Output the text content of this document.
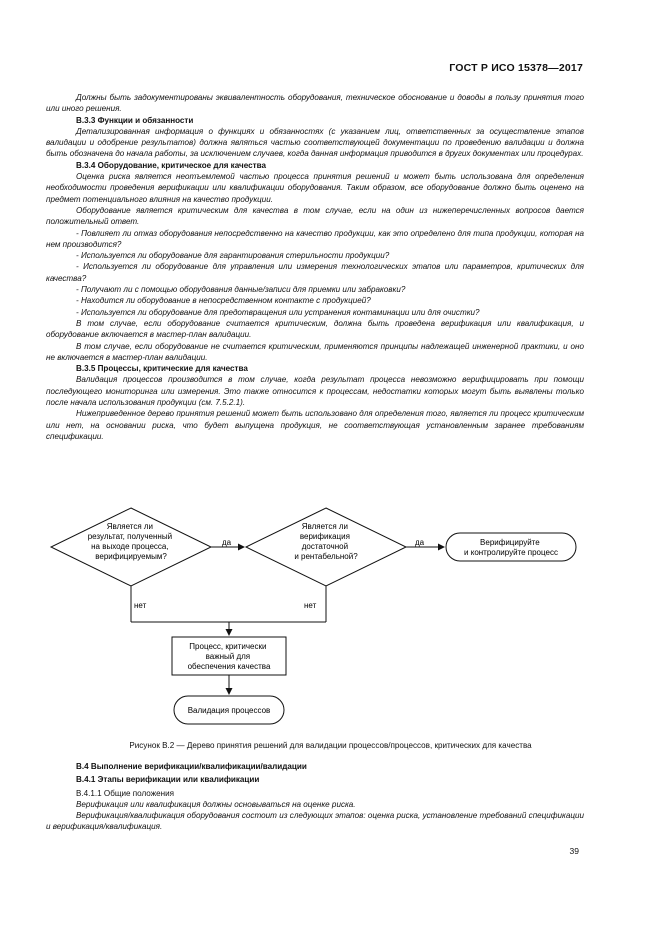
ГОСТ Р ИСО 15378—2017

Должны быть задокументированы эквивалентность оборудования, техническое обоснование и доводы в пользу принятия того или иного решения.

B.3.3 Функции и обязанности

Детализированная информация о функциях и обязанностях (с указанием лиц, ответственных за осуществление этапов валидации и одобрение результатов) должна являться частью соответствующей документации по проведению валидации и должна быть обозначена до начала работы, за исключением случаев, когда данная информация приводится в других документах или процедурах.

B.3.4 Оборудование, критическое для качества

Оценка риска является неотъемлемой частью процесса принятия решений и может быть использована для определения необходимости проведения верификации или квалификации оборудования. Таким образом, все оборудование должно быть оценено на предмет потенциального влияния на качество продукции.

Оборудование является критическим для качества в том случае, если на один из нижеперечисленных вопросов дается положительный ответ.

- Повлияет ли отказ оборудования непосредственно на качество продукции, как это определено для типа продукции, которая на нем производится?

- Используется ли оборудование для гарантирования стерильности продукции?

- Используется ли оборудование для управления или измерения технологических этапов или параметров, критических для качества?

- Получают ли с помощью оборудования данные/записи для приемки или забраковки?

- Находится ли оборудование в непосредственном контакте с продукцией?

- Используется ли оборудование для предотвращения или устранения контаминации или для очистки?

В том случае, если оборудование считается критическим, должна быть проведена верификация или квалификация, и оборудование включается в мастер-план валидации.

В том случае, если оборудование не считается критическим, применяются принципы надлежащей инженерной практики, и оно не включается в мастер-план валидации.

B.3.5 Процессы, критические для качества

Валидация процессов производится в том случае, когда результат процесса невозможно верифицировать при помощи последующего мониторинга или измерения. Это также относится к процессам, недостатки которых могут быть выявлены только после начала использования продукции (см. 7.5.2.1).

Нижеприведенное дерево принятия решений может быть использовано для определения того, является ли процесс критическим или нет, на основании риска, что будет выпущена продукция, не соответствующая установленным заранее требованиям спецификации.

Является ли результат, полученный на выходе процесса, верифицируемым?
Является ли верификация достаточной и рентабельной?
да	да	Верифицируйте и контролируйте процесс
нет	нет
Процесс, критически важный для обеспечения качества
Валидация процессов
Рисунок B.2 — Дерево принятия решений для валидации процессов/процессов, критических для качества

B.4 Выполнение верификации/квалификации/валидации

B.4.1 Этапы верификации или квалификации

B.4.1.1 Общие положения

Верификация или квалификация должны основываться на оценке риска.

Верификация/квалификация оборудования состоит из следующих этапов: оценка риска, установление требований спецификации и верификация/квалификация.

39
